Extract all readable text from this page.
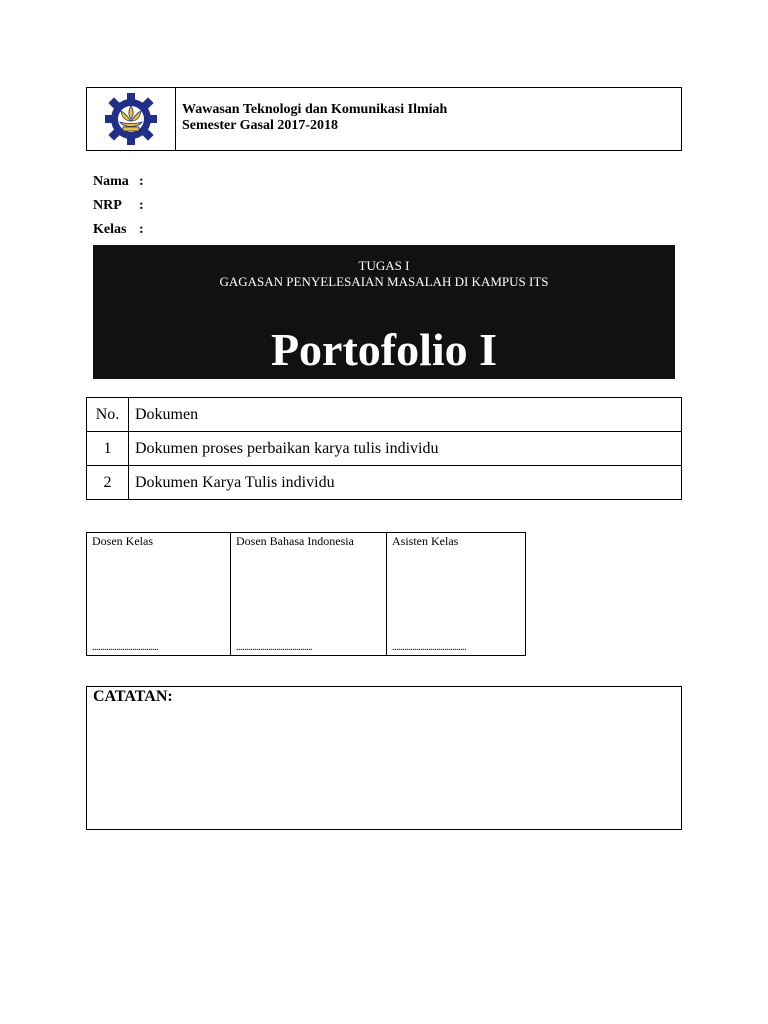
Wawasan Teknologi dan Komunikasi Ilmiah
Semester Gasal 2017-2018
Nama :
NRP	:
Kelas :
TUGAS I
GAGASAN PENYELESAIAN MASALAH DI KAMPUS ITS
Portofolio I
No.	Dokumen
1	Dokumen proses perbaikan karya tulis individu
2	Dokumen Karya Tulis individu
Dosen Kelas
.................................

Dosen Bahasa Indonesia
......................................

Asisten Kelas
.....................................
CATATAN:
